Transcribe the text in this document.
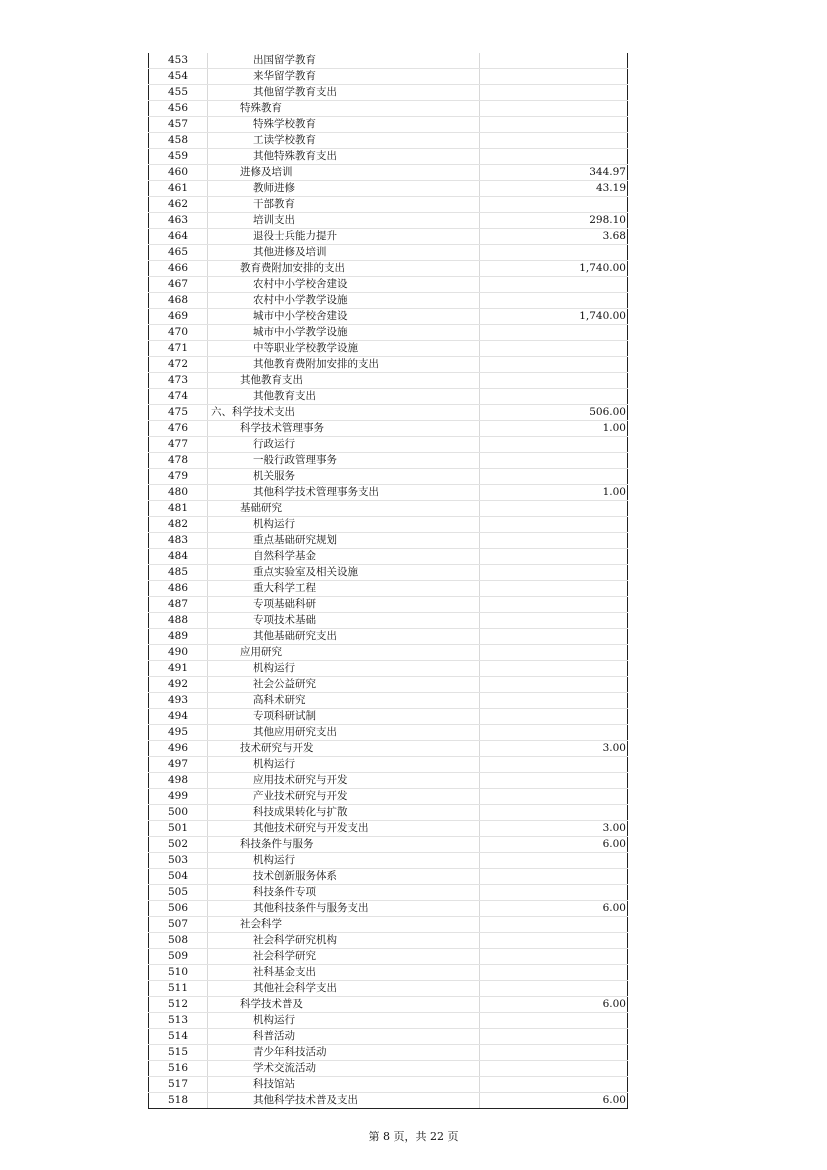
453	出国留学教育	
454	来华留学教育	
455	其他留学教育支出	
456	特殊教育	
457	特殊学校教育	
458	工读学校教育	
459	其他特殊教育支出	
460	进修及培训	344.97
461	教师进修	43.19
462	干部教育	
463	培训支出	298.10
464	退役士兵能力提升	3.68
465	其他进修及培训	
466	教育费附加安排的支出	1,740.00
467	农村中小学校舍建设	
468	农村中小学教学设施	
469	城市中小学校舍建设	1,740.00
470	城市中小学教学设施	
471	中等职业学校教学设施	
472	其他教育费附加安排的支出	
473	其他教育支出	
474	其他教育支出	
475	六、科学技术支出	506.00
476	科学技术管理事务	1.00
477	行政运行	
478	一般行政管理事务	
479	机关服务	
480	其他科学技术管理事务支出	1.00
481	基础研究	
482	机构运行	
483	重点基础研究规划	
484	自然科学基金	
485	重点实验室及相关设施	
486	重大科学工程	
487	专项基础科研	
488	专项技术基础	
489	其他基础研究支出	
490	应用研究	
491	机构运行	
492	社会公益研究	
493	高科术研究	
494	专项科研试制	
495	其他应用研究支出	
496	技术研究与开发	3.00
497	机构运行	
498	应用技术研究与开发	
499	产业技术研究与开发	
500	科技成果转化与扩散	
501	其他技术研究与开发支出	3.00
502	科技条件与服务	6.00
503	机构运行	
504	技术创新服务体系	
505	科技条件专项	
506	其他科技条件与服务支出	6.00
507	社会科学	
508	社会科学研究机构	
509	社会科学研究	
510	社科基金支出	
511	其他社会科学支出	
512	科学技术普及	6.00
513	机构运行	
514	科普活动	
515	青少年科技活动	
516	学术交流活动	
517	科技馆站	
518	其他科学技术普及支出	6.00
第 8 页，共 22 页
